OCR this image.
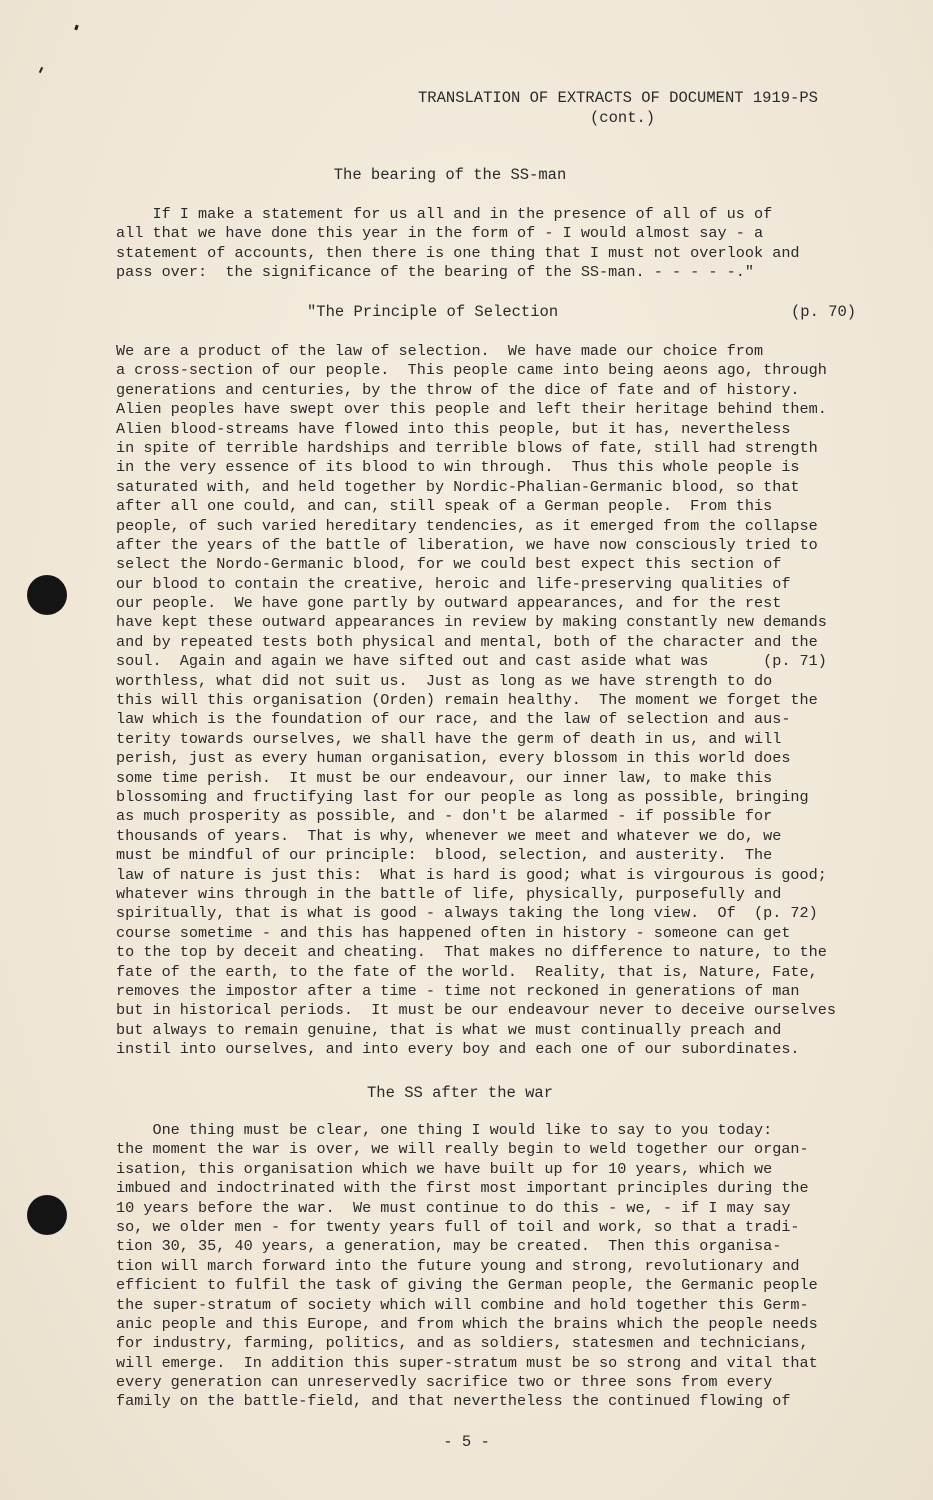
TRANSLATION OF EXTRACTS OF DOCUMENT 1919-PS
(cont.)
The bearing of the SS-man
If I make a statement for us all and in the presence of all of us of
all that we have done this year in the form of - I would almost say - a
statement of accounts, then there is one thing that I must not overlook and
pass over:  the significance of the bearing of the SS-man. - - - - -."
"The Principle of Selection	(p. 70)
We are a product of the law of selection.  We have made our choice from
a cross-section of our people.  This people came into being aeons ago, through
generations and centuries, by the throw of the dice of fate and of history.
Alien peoples have swept over this people and left their heritage behind them.
Alien blood-streams have flowed into this people, but it has, nevertheless
in spite of terrible hardships and terrible blows of fate, still had strength
in the very essence of its blood to win through.  Thus this whole people is
saturated with, and held together by Nordic-Phalian-Germanic blood, so that
after all one could, and can, still speak of a German people.  From this
people, of such varied hereditary tendencies, as it emerged from the collapse
after the years of the battle of liberation, we have now consciously tried to
select the Nordo-Germanic blood, for we could best expect this section of
our blood to contain the creative, heroic and life-preserving qualities of
our people.  We have gone partly by outward appearances, and for the rest
have kept these outward appearances in review by making constantly new demands
and by repeated tests both physical and mental, both of the character and the
soul.  Again and again we have sifted out and cast aside what was      (p. 71)
worthless, what did not suit us.  Just as long as we have strength to do
this will this organisation (Orden) remain healthy.  The moment we forget the
law which is the foundation of our race, and the law of selection and aus-
terity towards ourselves, we shall have the germ of death in us, and will
perish, just as every human organisation, every blossom in this world does
some time perish.  It must be our endeavour, our inner law, to make this
blossoming and fructifying last for our people as long as possible, bringing
as much prosperity as possible, and - don't be alarmed - if possible for
thousands of years.  That is why, whenever we meet and whatever we do, we
must be mindful of our principle:  blood, selection, and austerity.  The
law of nature is just this:  What is hard is good; what is virgourous is good;
whatever wins through in the battle of life, physically, purposefully and
spiritually, that is what is good - always taking the long view.  Of  (p. 72)
course sometime - and this has happened often in history - someone can get
to the top by deceit and cheating.  That makes no difference to nature, to the
fate of the earth, to the fate of the world.  Reality, that is, Nature, Fate,
removes the impostor after a time - time not reckoned in generations of man
but in historical periods.  It must be our endeavour never to deceive ourselves
but always to remain genuine, that is what we must continually preach and
instil into ourselves, and into every boy and each one of our subordinates.
The SS after the war
One thing must be clear, one thing I would like to say to you today:
the moment the war is over, we will really begin to weld together our organ-
isation, this organisation which we have built up for 10 years, which we
imbued and indoctrinated with the first most important principles during the
10 years before the war.  We must continue to do this - we, - if I may say
so, we older men - for twenty years full of toil and work, so that a tradi-
tion 30, 35, 40 years, a generation, may be created.  Then this organisa-
tion will march forward into the future young and strong, revolutionary and
efficient to fulfil the task of giving the German people, the Germanic people
the super-stratum of society which will combine and hold together this Germ-
anic people and this Europe, and from which the brains which the people needs
for industry, farming, politics, and as soldiers, statesmen and technicians,
will emerge.  In addition this super-stratum must be so strong and vital that
every generation can unreservedly sacrifice two or three sons from every
family on the battle-field, and that nevertheless the continued flowing of
- 5 -
